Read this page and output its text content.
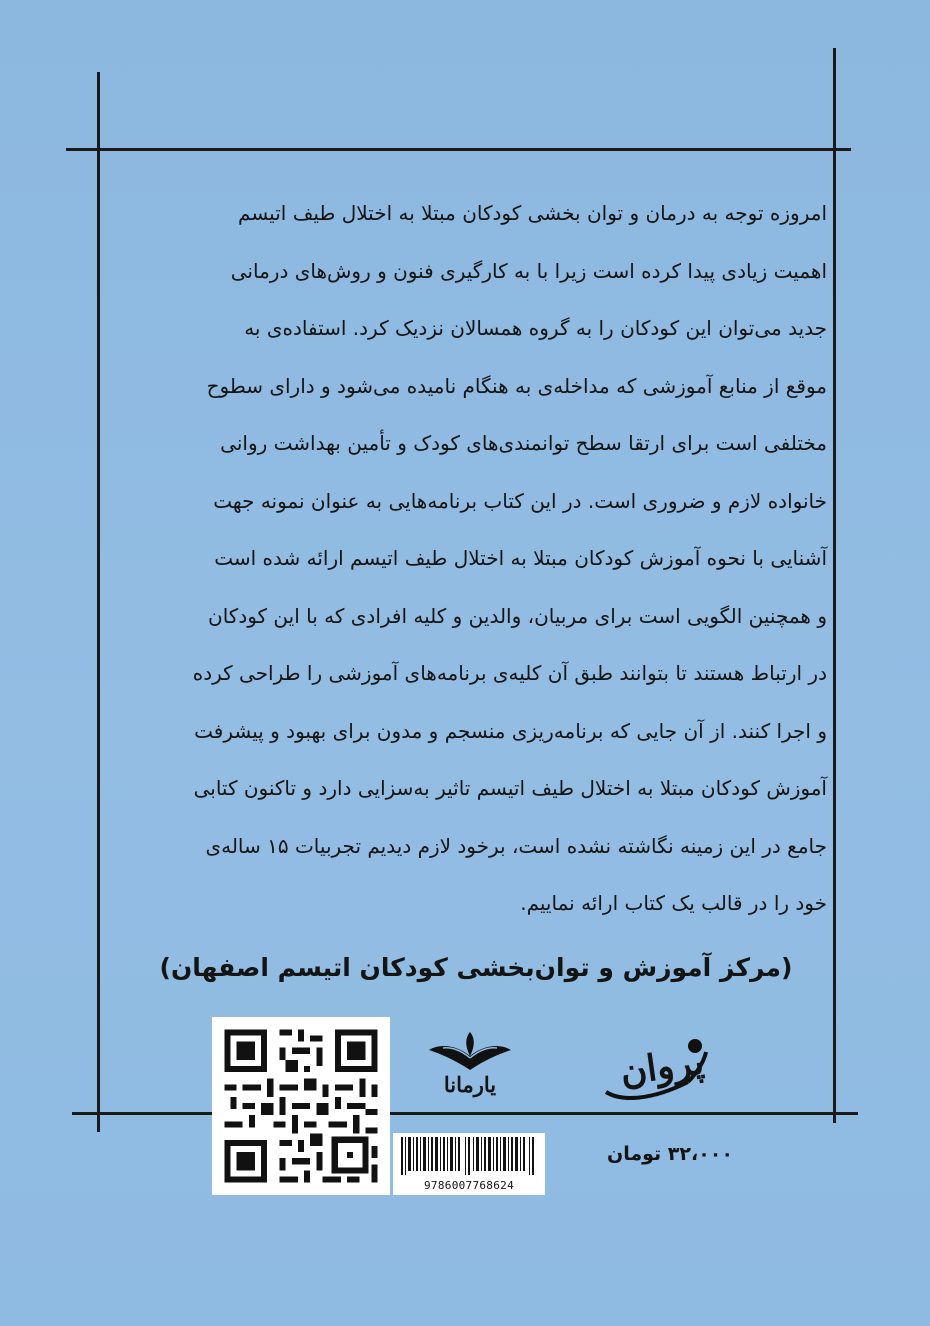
امروزه توجه به درمان و توان بخشی کودکان مبتلا به اختلال طیف اتیسم
اهمیت زیادی پیدا کرده است زیرا با به کارگیری فنون و روش‌های درمانی
جدید می‌توان این کودکان را به گروه همسالان نزدیک کرد. استفاده‌ی به
موقع از منابع آموزشی که مداخله‌ی به هنگام نامیده می‌شود و دارای سطوح
مختلفی است برای ارتقا سطح توانمندی‌های کودک و تأمین بهداشت روانی
خانواده لازم و ضروری است. در این کتاب برنامه‌هایی به عنوان نمونه جهت
آشنایی با نحوه آموزش کودکان مبتلا به اختلال طیف اتیسم ارائه شده است
و همچنین الگویی است برای مربیان، والدین و کلیه افرادی که با این کودکان
در ارتباط هستند تا بتوانند طبق آن کلیه‌ی برنامه‌های آموزشی را طراحی کرده
و اجرا کنند. از آن جایی که برنامه‌ریزی منسجم و مدون برای بهبود و پیشرفت
آموزش کودکان مبتلا به اختلال طیف اتیسم تاثیر به‌سزایی دارد و تاکنون کتابی
جامع در این زمینه نگاشته نشده است، برخود لازم دیدیم تجربیات ۱۵ ساله‌ی
خود را در قالب یک کتاب ارائه نماییم.
(مرکز آموزش و توان‌بخشی کودکان اتیسم اصفهان)
یارمانا
9786007768624
پروان
۳۲،۰۰۰ تومان
